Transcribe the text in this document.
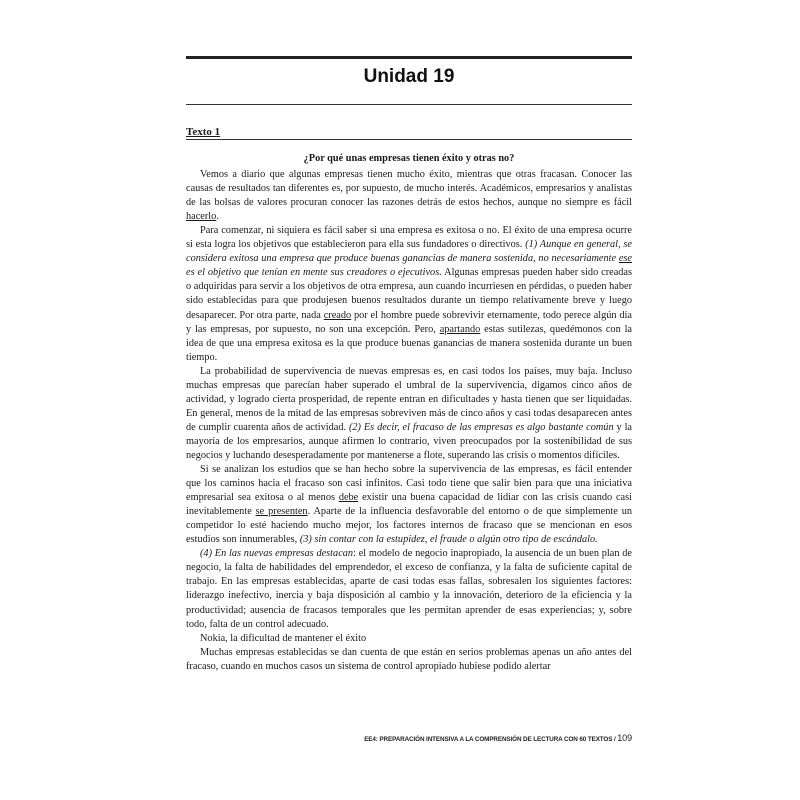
Unidad 19
Texto 1

¿Por qué unas empresas tienen éxito y otras no?

Vemos a diario que algunas empresas tienen mucho éxito, mientras que otras fracasan. Conocer las causas de resultados tan diferentes es, por supuesto, de mucho interés. Académicos, empresarios y analistas de las bolsas de valores procuran conocer las razones detrás de estos hechos, aunque no siempre es fácil hacerlo.

Para comenzar, ni siquiera es fácil saber si una empresa es exitosa o no. El éxito de una empresa ocurre si esta logra los objetivos que establecieron para ella sus fundadores o directivos. (1) Aunque en general, se considera exitosa una empresa que produce buenas ganancias de manera sostenida, no necesariamente ese es el objetivo que tenían en mente sus creadores o ejecutivos. Algunas empresas pueden haber sido creadas o adquiridas para servir a los objetivos de otra empresa, aun cuando incurriesen en pérdidas, o pueden haber sido establecidas para que produjesen buenos resultados durante un tiempo relativamente breve y luego desaparecer. Por otra parte, nada creado por el hombre puede sobrevivir eternamente, todo perece algún día y las empresas, por supuesto, no son una excepción. Pero, apartando estas sutilezas, quedémonos con la idea de que una empresa exitosa es la que produce buenas ganancias de manera sostenida durante un buen tiempo.

La probabilidad de supervivencia de nuevas empresas es, en casi todos los países, muy baja. Incluso muchas empresas que parecían haber superado el umbral de la supervivencia, digamos cinco años de actividad, y logrado cierta prosperidad, de repente entran en dificultades y hasta tienen que ser liquidadas. En general, menos de la mitad de las empresas sobreviven más de cinco años y casi todas desaparecen antes de cumplir cuarenta años de actividad. (2) Es decir, el fracaso de las empresas es algo bastante común y la mayoría de los empresarios, aunque afirmen lo contrario, viven preocupados por la sostenibilidad de sus negocios y luchando desesperadamente por mantenerse a flote, superando las crisis o momentos difíciles.

Si se analizan los estudios que se han hecho sobre la supervivencia de las empresas, es fácil entender que los caminos hacia el fracaso son casi infinitos. Casi todo tiene que salir bien para que una iniciativa empresarial sea exitosa o al menos debe existir una buena capacidad de lidiar con las crisis cuando casi inevitablemente se presenten. Aparte de la influencia desfavorable del entorno o de que simplemente un competidor lo esté haciendo mucho mejor, los factores internos de fracaso que se mencionan en esos estudios son innumerables, (3) sin contar con la estupidez, el fraude o algún otro tipo de escándalo.

(4) En las nuevas empresas destacan: el modelo de negocio inapropiado, la ausencia de un buen plan de negocio, la falta de habilidades del emprendedor, el exceso de confianza, y la falta de suficiente capital de trabajo. En las empresas establecidas, aparte de casi todas esas fallas, sobresalen los siguientes factores: liderazgo inefectivo, inercia y baja disposición al cambio y la innovación, deterioro de la eficiencia y la productividad; ausencia de fracasos temporales que les permitan aprender de esas experiencias; y, sobre todo, falta de un control adecuado.

Nokia, la dificultad de mantener el éxito

Muchas empresas establecidas se dan cuenta de que están en serios problemas apenas un año antes del fracaso, cuando en muchos casos un sistema de control apropiado hubiese podido alertar

EE4: PREPARACIÓN INTENSIVA A LA COMPRENSIÓN DE LECTURA CON 60 TEXTOS / 109
